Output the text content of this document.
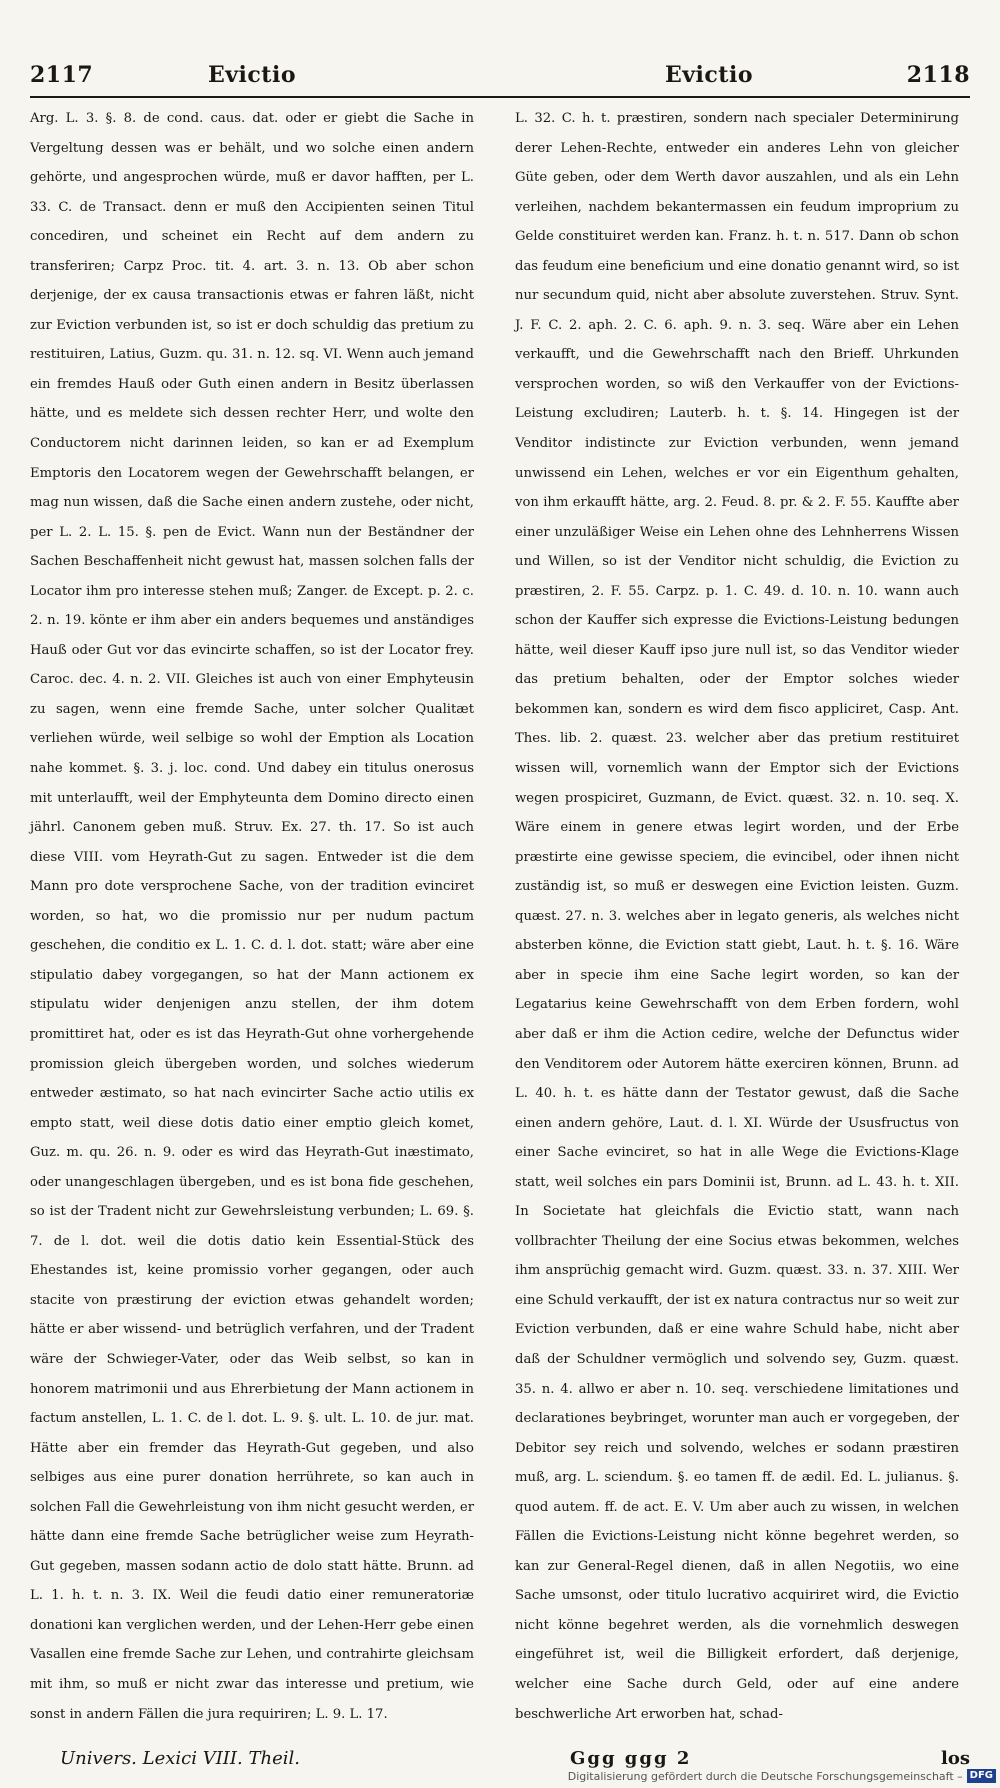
2117	Evictio	Evictio	2118

Arg. L. 3. §. 8. de cond. caus. dat. oder er giebt die Sache in Vergeltung dessen was er behält, und wo solche einen andern gehörte, und angesprochen würde, muß er davor hafften, per L. 33. C. de Transact. denn er muß den Accipienten seinen Titul concediren, und scheinet ein Recht auf dem andern zu transferiren; Carpz Proc. tit. 4. art. 3. n. 13. Ob aber schon derjenige, der ex causa transactionis etwas er fahren läßt, nicht zur Eviction verbunden ist, so ist er doch schuldig das pretium zu restituiren, Latius, Guzm. qu. 31. n. 12. sq. VI. Wenn auch jemand ein fremdes Hauß oder Guth einen andern in Besitz überlassen hätte, und es meldete sich dessen rechter Herr, und wolte den Conductorem nicht darinnen leiden, so kan er ad Exemplum Emptoris den Locatorem wegen der Gewehrschafft belangen, er mag nun wissen, daß die Sache einen andern zustehe, oder nicht, per L. 2. L. 15. §. pen de Evict. Wann nun der Beständner der Sachen Beschaffenheit nicht gewust hat, massen solchen falls der Locator ihm pro interesse stehen muß; Zanger. de Except. p. 2. c. 2. n. 19. könte er ihm aber ein anders bequemes und anständiges Hauß oder Gut vor das evincirte schaffen, so ist der Locator frey. Caroc. dec. 4. n. 2. VII. Gleiches ist auch von einer Emphyteusin zu sagen, wenn eine fremde Sache, unter solcher Qualitæt verliehen würde, weil selbige so wohl der Emption als Location nahe kommet. §. 3. j. loc. cond. Und dabey ein titulus onerosus mit unterlaufft, weil der Emphyteunta dem Domino directo einen jährl. Canonem geben muß. Struv. Ex. 27. th. 17. So ist auch diese VIII. vom Heyrath-Gut zu sagen. Entweder ist die dem Mann pro dote versprochene Sache, von der tradition evinciret worden, so hat, wo die promissio nur per nudum pactum geschehen, die conditio ex L. 1. C. d. l. dot. statt; wäre aber eine stipulatio dabey vorgegangen, so hat der Mann actionem ex stipulatu wider denjenigen anzu stellen, der ihm dotem promittiret hat, oder es ist das Heyrath-Gut ohne vorhergehende promission gleich übergeben worden, und solches wiederum entweder æstimato, so hat nach evincirter Sache actio utilis ex empto statt, weil diese dotis datio einer emptio gleich komet, Guz. m. qu. 26. n. 9. oder es wird das Heyrath-Gut inæstimato, oder unangeschlagen übergeben, und es ist bona fide geschehen, so ist der Tradent nicht zur Gewehrsleistung verbunden; L. 69. §. 7. de l. dot. weil die dotis datio kein Essential-Stück des Ehestandes ist, keine promissio vorher gegangen, oder auch stacite von præstirung der eviction etwas gehandelt worden; hätte er aber wissend- und betrüglich verfahren, und der Tradent wäre der Schwieger-Vater, oder das Weib selbst, so kan in honorem matrimonii und aus Ehrerbietung der Mann actionem in factum anstellen, L. 1. C. de l. dot. L. 9. §. ult. L. 10. de jur. mat. Hätte aber ein fremder das Heyrath-Gut gegeben, und also selbiges aus eine purer donation herrührete, so kan auch in solchen Fall die Gewehrleistung von ihm nicht gesucht werden, er hätte dann eine fremde Sache betrüglicher weise zum Heyrath-Gut gegeben, massen sodann actio de dolo statt hätte. Brunn. ad L. 1. h. t. n. 3. IX. Weil die feudi datio einer remuneratoriæ donationi kan verglichen werden, und der Lehen-Herr gebe einen Vasallen eine fremde Sache zur Lehen, und contrahirte gleichsam mit ihm, so muß er nicht zwar das interesse und pretium, wie sonst in andern Fällen die jura requiriren; L. 9. L. 17.

L. 32. C. h. t. præstiren, sondern nach specialer Determinirung derer Lehen-Rechte, entweder ein anderes Lehn von gleicher Güte geben, oder dem Werth davor auszahlen, und als ein Lehn verleihen, nachdem bekantermassen ein feudum improprium zu Gelde constituiret werden kan. Franz. h. t. n. 517. Dann ob schon das feudum eine beneficium und eine donatio genannt wird, so ist nur secundum quid, nicht aber absolute zuverstehen. Struv. Synt. J. F. C. 2. aph. 2. C. 6. aph. 9. n. 3. seq. Wäre aber ein Lehen verkaufft, und die Gewehrschafft nach den Brieff. Uhrkunden versprochen worden, so wiß den Verkauffer von der Evictions-Leistung excludiren; Lauterb. h. t. §. 14. Hingegen ist der Venditor indistincte zur Eviction verbunden, wenn jemand unwissend ein Lehen, welches er vor ein Eigenthum gehalten, von ihm erkaufft hätte, arg. 2. Feud. 8. pr. & 2. F. 55. Kauffte aber einer unzuläßiger Weise ein Lehen ohne des Lehnherrens Wissen und Willen, so ist der Venditor nicht schuldig, die Eviction zu præstiren, 2. F. 55. Carpz. p. 1. C. 49. d. 10. n. 10. wann auch schon der Kauffer sich expresse die Evictions-Leistung bedungen hätte, weil dieser Kauff ipso jure null ist, so das Venditor wieder das pretium behalten, oder der Emptor solches wieder bekommen kan, sondern es wird dem fisco appliciret, Casp. Ant. Thes. lib. 2. quæst. 23. welcher aber das pretium restituiret wissen will, vornemlich wann der Emptor sich der Evictions wegen prospiciret, Guzmann, de Evict. quæst. 32. n. 10. seq. X. Wäre einem in genere etwas legirt worden, und der Erbe præstirte eine gewisse speciem, die evincibel, oder ihnen nicht zuständig ist, so muß er deswegen eine Eviction leisten. Guzm. quæst. 27. n. 3. welches aber in legato generis, als welches nicht absterben könne, die Eviction statt giebt, Laut. h. t. §. 16. Wäre aber in specie ihm eine Sache legirt worden, so kan der Legatarius keine Gewehrschafft von dem Erben fordern, wohl aber daß er ihm die Action cedire, welche der Defunctus wider den Venditorem oder Autorem hätte exerciren können, Brunn. ad L. 40. h. t. es hätte dann der Testator gewust, daß die Sache einen andern gehöre, Laut. d. l. XI. Würde der Ususfructus von einer Sache evinciret, so hat in alle Wege die Evictions-Klage statt, weil solches ein pars Dominii ist, Brunn. ad L. 43. h. t. XII. In Societate hat gleichfals die Evictio statt, wann nach vollbrachter Theilung der eine Socius etwas bekommen, welches ihm ansprüchig gemacht wird. Guzm. quæst. 33. n. 37. XIII. Wer eine Schuld verkaufft, der ist ex natura contractus nur so weit zur Eviction verbunden, daß er eine wahre Schuld habe, nicht aber daß der Schuldner vermöglich und solvendo sey, Guzm. quæst. 35. n. 4. allwo er aber n. 10. seq. verschiedene limitationes und declarationes beybringet, worunter man auch er vorgegeben, der Debitor sey reich und solvendo, welches er sodann præstiren muß, arg. L. sciendum. §. eo tamen ff. de ædil. Ed. L. julianus. §. quod autem. ff. de act. E. V. Um aber auch zu wissen, in welchen Fällen die Evictions-Leistung nicht könne begehret werden, so kan zur General-Regel dienen, daß in allen Negotiis, wo eine Sache umsonst, oder titulo lucrativo acquiriret wird, die Evictio nicht könne begehret werden, als die vornehmlich deswegen eingeführet ist, weil die Billigkeit erfordert, daß derjenige, welcher eine Sache durch Geld, oder auf eine andere beschwerliche Art erworben hat, schad-

Univers. Lexici VIII. Theil.	Ggg ggg 2	los
Digitalisierung gefördert durch die Deutsche Forschungsgemeinschaft – DFG
